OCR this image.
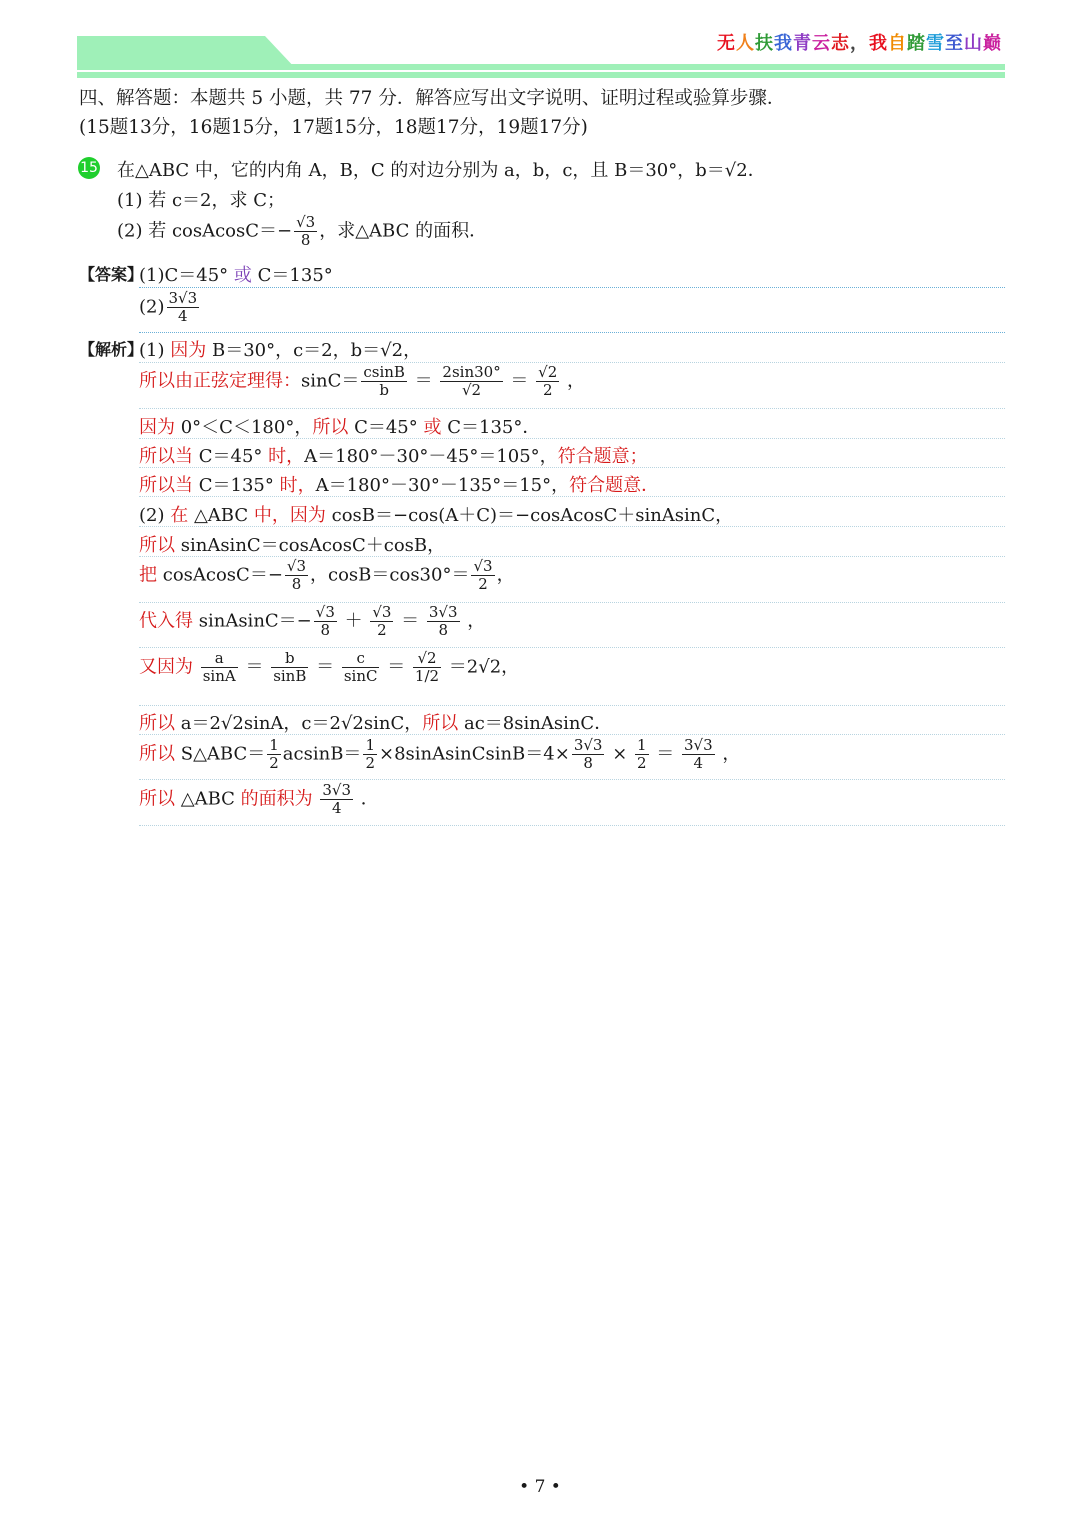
无人扶我青云志，我自踏雪至山巅
四、解答题：本题共 5 小题，共 77 分．解答应写出文字说明、证明过程或验算步骤．
(15题13分，16题15分，17题15分，18题17分，19题17分)
15 在△ABC 中，它的内角 A，B，C 的对边分别为 a，b，c，且 B＝30°，b＝√2．
(1) 若 c＝2，求 C；
(2) 若 cosAcosC＝− $\frac{√3}{8}$ ，求△ABC 的面积．
【答案】
(1)C＝45° 或 C＝135°
$(2) \frac{3√3}{4}$
【解析】
(1) 因为 B＝30°，c＝2，b＝√2，
所以由正弦定理得：$\sin C= \frac{csinB}{b} = \frac{2\sin 30^\circ}{√2} = \frac{√2}{2}$ ，
因为 0°＜C＜180°，所以 C＝45° 或 C＝135°．
所以当 C＝45° 时，A＝180°－30°－45°＝105°，符合题意；
所以当 C＝135° 时，A＝180°－30°－135°＝15°，符合题意．
(2) 在 △ABC 中，因为 cosB＝−cos(A＋C)＝−cosAcosC＋sinAsinC，
所以 sinAsinC＝cosAcosC＋cosB，
把 cosAcosC＝− $\frac{√3}{8}$ ，$\cos B=\cos 30^\circ= \frac{√3}{2}$ ，
代入得 sinAsinC＝− $\frac{√3}{8} + \frac{√3}{2} = \frac{3√3}{8}$ ，
又因为 $\frac{a}{\sin A} = \frac{b}{\sin B} = \frac{c}{\sin C} = \frac{√2}{1/2} =2√2$，
所以 a＝2√2sinA，c＝2√2sinC，所以 ac＝8sinAsinC．
所以 S△ABC＝ $\frac{1}{2} acsinB= \frac{1}{2}$ ×8sinAsinCsinB＝4× $\frac{3√3}{8} \times \frac{1}{2} = \frac{3√3}{4}$ ，
所以 △ABC 的面积为 $\frac{3√3}{4}$ ．
• 7 •
